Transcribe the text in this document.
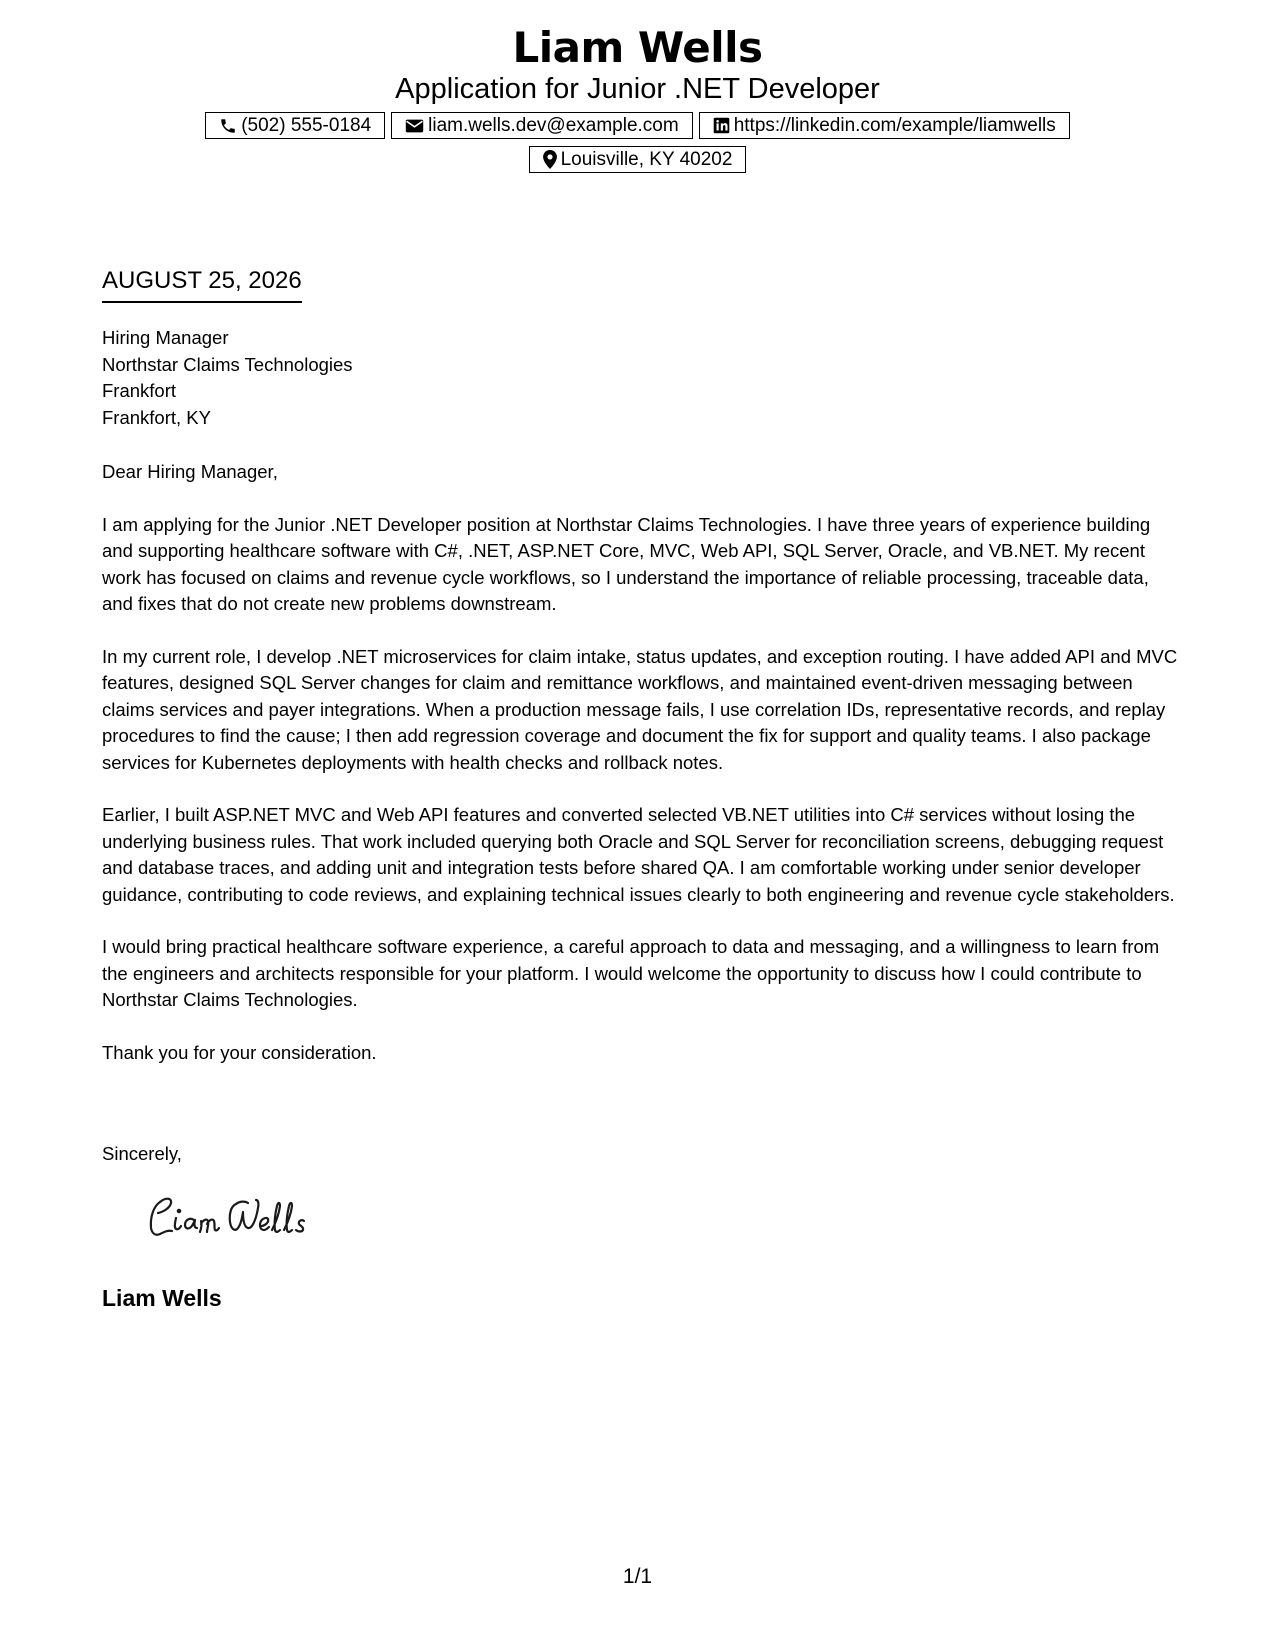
Liam Wells
Application for Junior .NET Developer
(502) 555-0184	liam.wells.dev@example.com	https://linkedin.com/example/liamwells
Louisville, KY 40202
AUGUST 25, 2026
Hiring Manager
Northstar Claims Technologies
Frankfort
Frankfort, KY

Dear Hiring Manager,

I am applying for the Junior .NET Developer position at Northstar Claims Technologies. I have three years of experience building and supporting healthcare software with C#, .NET, ASP.NET Core, MVC, Web API, SQL Server, Oracle, and VB.NET. My recent work has focused on claims and revenue cycle workflows, so I understand the importance of reliable processing, traceable data, and fixes that do not create new problems downstream.

In my current role, I develop .NET microservices for claim intake, status updates, and exception routing. I have added API and MVC features, designed SQL Server changes for claim and remittance workflows, and maintained event-driven messaging between claims services and payer integrations. When a production message fails, I use correlation IDs, representative records, and replay procedures to find the cause; I then add regression coverage and document the fix for support and quality teams. I also package services for Kubernetes deployments with health checks and rollback notes.

Earlier, I built ASP.NET MVC and Web API features and converted selected VB.NET utilities into C# services without losing the underlying business rules. That work included querying both Oracle and SQL Server for reconciliation screens, debugging request and database traces, and adding unit and integration tests before shared QA. I am comfortable working under senior developer guidance, contributing to code reviews, and explaining technical issues clearly to both engineering and revenue cycle stakeholders.

I would bring practical healthcare software experience, a careful approach to data and messaging, and a willingness to learn from the engineers and architects responsible for your platform. I would welcome the opportunity to discuss how I could contribute to Northstar Claims Technologies.

Thank you for your consideration.

Sincerely,
Liam Wells
1/1
